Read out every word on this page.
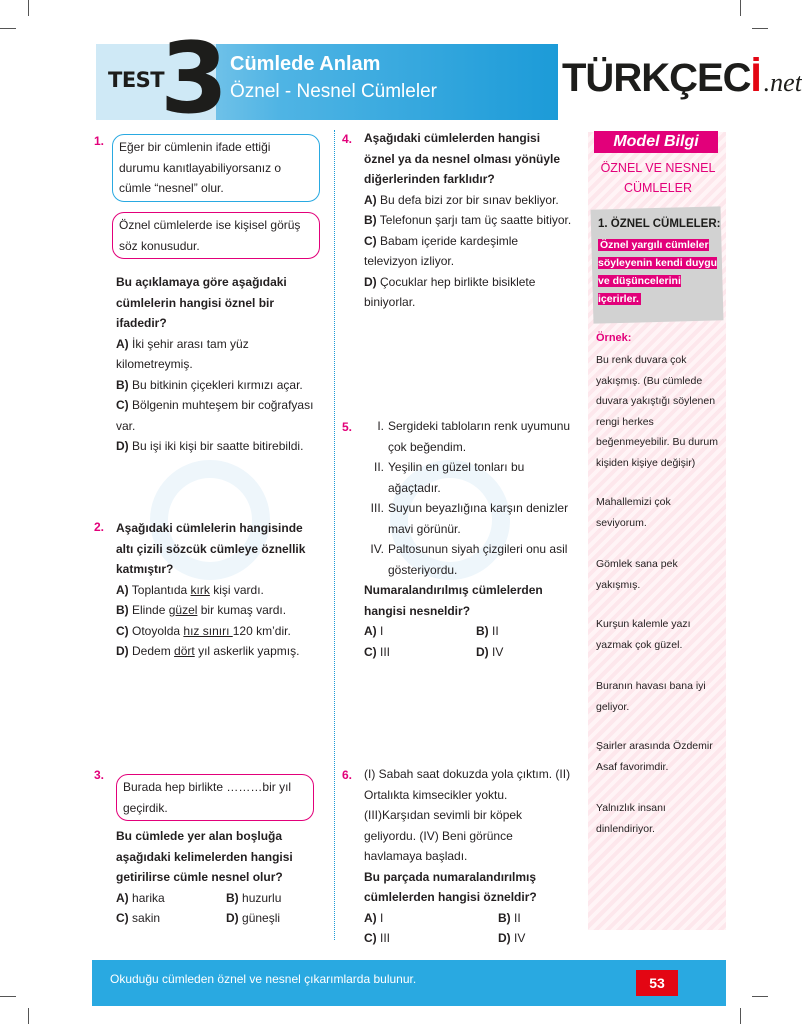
TEST
3 Cümlede Anlam
Öznel - Nesnel Cümleler	TÜRKÇEC İ .net
1.	Eğer bir cümlenin ifade ettiği durumu kanıtlayabiliyorsanız o cümle “nesnel” olur.
Öznel cümlelerde ise kişisel görüş söz konusudur.
Bu açıklamaya göre aşağıdaki cümlelerin hangisi öznel bir ifadedir?
A) İki şehir arası tam yüz kilometreymiş.
B) Bu bitkinin çiçekleri kırmızı açar.
C) Bölgenin muhteşem bir coğrafyası var.
D) Bu işi iki kişi bir saatte bitirebildi.
2. Aşağıdaki cümlelerin hangisinde altı çizili sözcük cümleye öznellik katmıştır?
A) Toplantıda kırk kişi vardı.
B) Elinde güzel bir kumaş vardı.
C) Otoyolda hız sınırı 120 km’dir.
D) Dedem dört yıl askerlik yapmış.
3.
Burada hep birlikte ………bir yıl geçirdik.
Bu cümlede yer alan boşluğa aşağıdaki kelimelerden hangisi getirilirse cümle nesnel olur?
A) harika	B) huzurlu
C) sakin	D) güneşli
4. Aşağıdaki cümlelerden hangisi öznel ya da nesnel olması yönüyle diğerlerinden farklıdır?
A) Bu defa bizi zor bir sınav bekliyor.
B) Telefonun şarjı tam üç saatte bitiyor.
C) Babam içeride kardeşimle televizyon izliyor.
D) Çocuklar hep birlikte bisiklete biniyorlar.
5.	I. Sergideki tabloların renk uyumunu çok beğendim.
II. Yeşilin en güzel tonları bu ağaçtadır.
III. Suyun beyazlığına karşın denizler mavi görünür.
IV. Paltosunun siyah çizgileri onu asil gösteriyordu.
Numaralandırılmış cümlelerden hangisi nesneldir?
A) I	B) II
C) III	D) IV
6. (I) Sabah saat dokuzda yola çıktım. (II) Ortalıkta kimsecikler yoktu. (III)Karşıdan sevimli bir köpek geliyordu. (IV) Beni görünce havlamaya başladı.
Bu parçada numaralandırılmış cümlelerden hangisi özneldir?
A) I	B) II
C) III	D) IV
Model Bilgi
ÖZNEL VE NESNEL CÜMLELER
1. ÖZNEL CÜMLELER:
Öznel yargılı cümleler söyleyenin kendi duygu ve düşüncelerini içerirler.
Örnek:
Bu renk duvara çok yakışmış. (Bu cümlede duvara yakıştığı söylenen rengi herkes beğenmeyebilir. Bu durum kişiden kişiye değişir)
Mahallemizi çok seviyorum.
Gömlek sana pek yakışmış.
Kurşun kalemle yazı yazmak çok güzel.
Buranın havası bana iyi geliyor.
Şairler arasında Özdemir Asaf favorimdir.
Yalnızlık insanı dinlendiriyor.
Okuduğu cümleden öznel ve nesnel çıkarımlarda bulunur.	53
